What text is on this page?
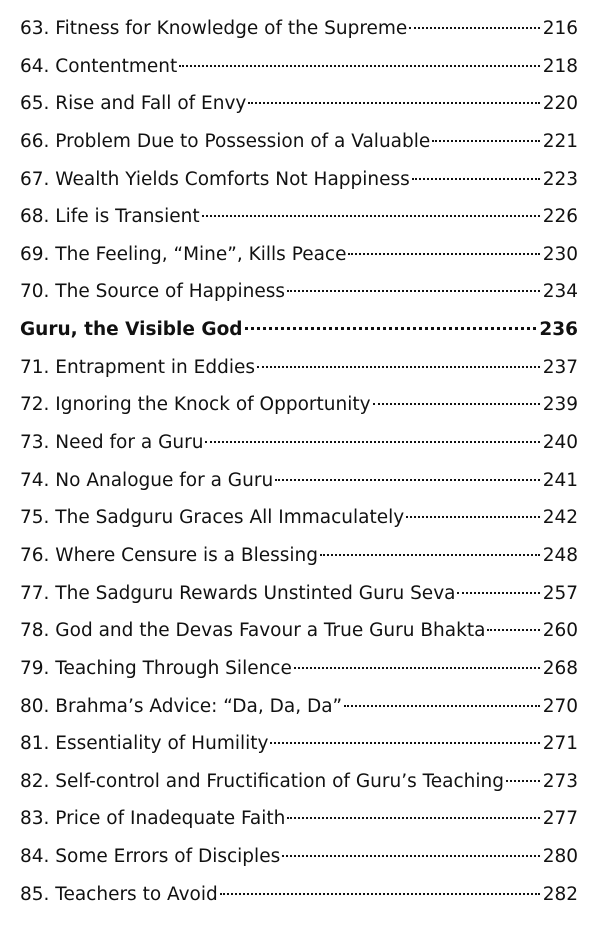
63. Fitness for Knowledge of the Supreme	216
64. Contentment	218
65. Rise and Fall of Envy	220
66. Problem Due to Possession of a Valuable	221
67. Wealth Yields Comforts Not Happiness	223
68. Life is Transient	226
69. The Feeling, “Mine”, Kills Peace	230
70. The Source of Happiness	234
Guru, the Visible God	236
71. Entrapment in Eddies	237
72. Ignoring the Knock of Opportunity	239
73. Need for a Guru	240
74. No Analogue for a Guru	241
75. The Sadguru Graces All Immaculately	242
76. Where Censure is a Blessing	248
77. The Sadguru Rewards Unstinted Guru Seva	257
78. God and the Devas Favour a True Guru Bhakta	260
79. Teaching Through Silence	268
80. Brahma’s Advice: “Da, Da, Da”	270
81. Essentiality of Humility	271
82. Self-control and Fructification of Guru’s Teaching 273
83. Price of Inadequate Faith	277
84. Some Errors of Disciples	280
85. Teachers to Avoid	282
